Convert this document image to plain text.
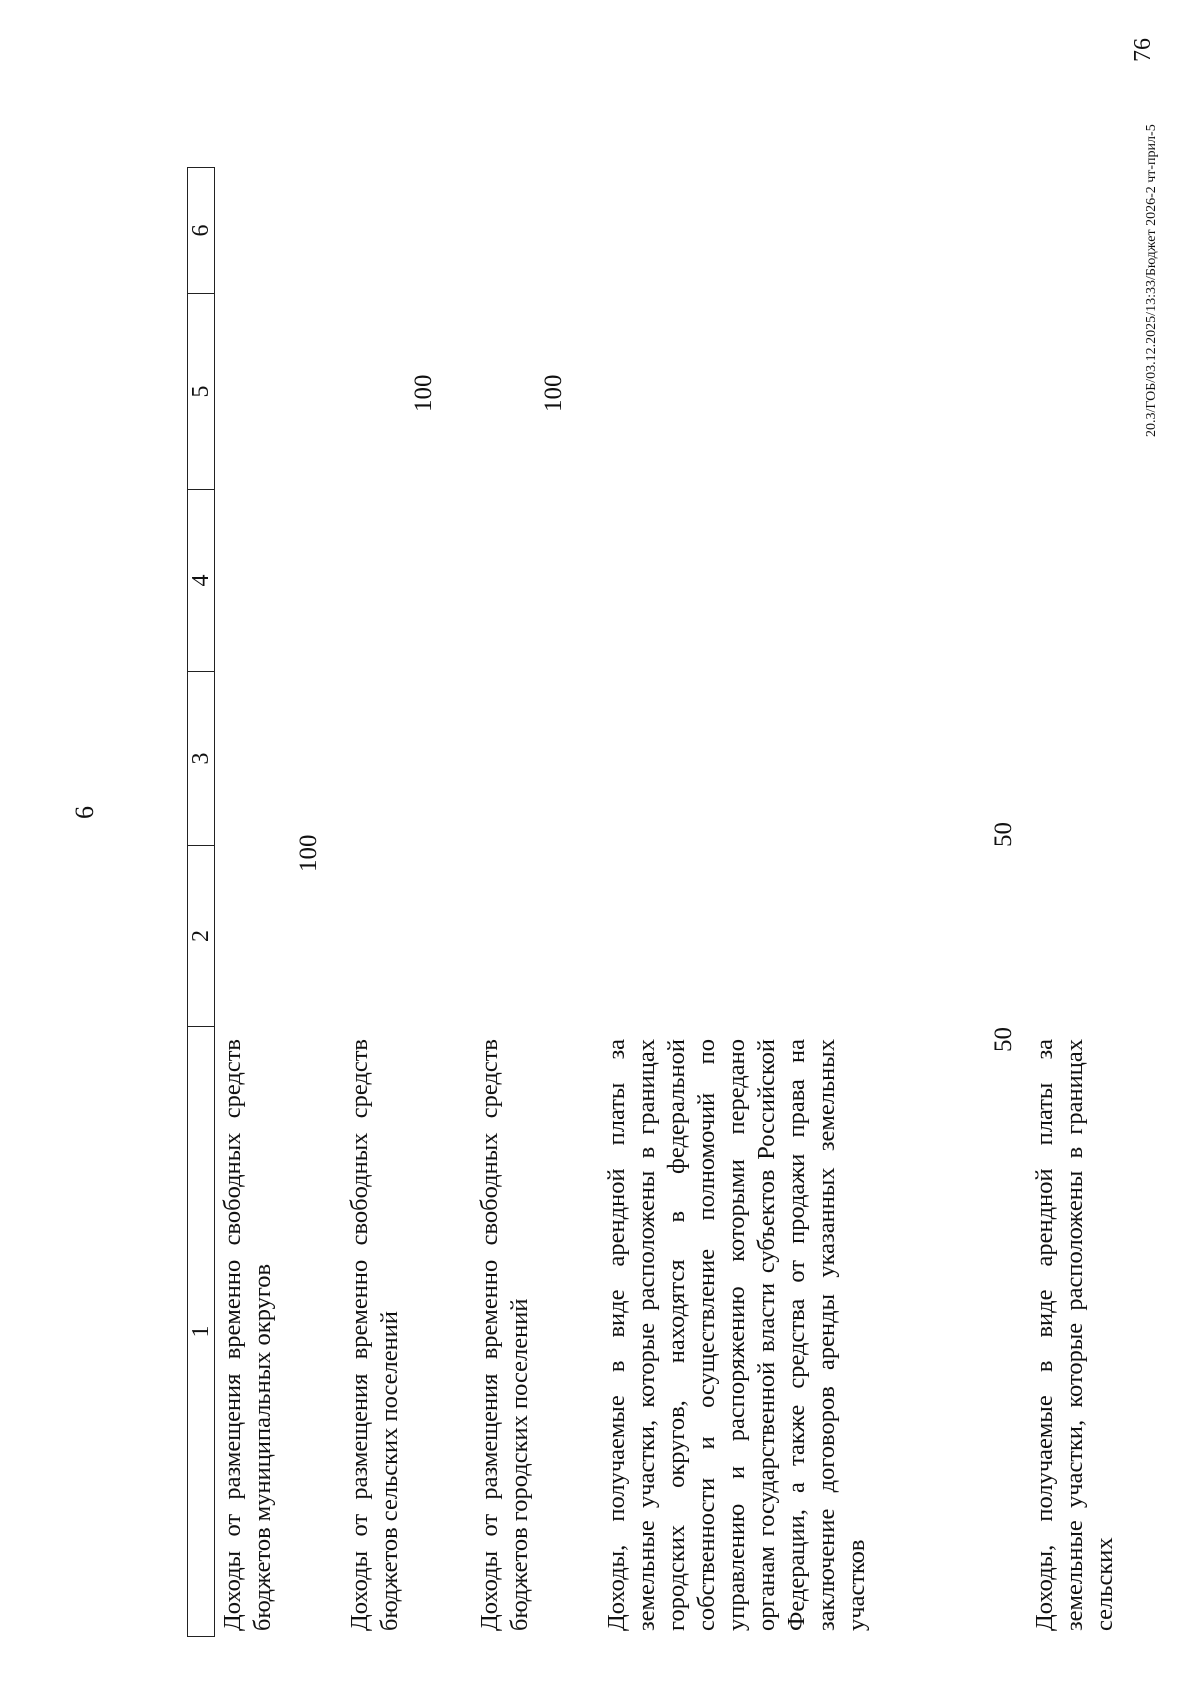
6
76
20.3/ГОБ/03.12.2025/13:33/Бюджет 2026-2 чт-прил-5
1
2
3
4
5
6
Доходы от размещения временно свободных средств бюджетов муниципальных округов
100
Доходы от размещения временно свободных средств бюджетов сельских поселений
100
Доходы от размещения временно свободных средств бюджетов городских поселений
100
Доходы, получаемые в виде арендной платы за земельные участки, которые расположены в границах городских округов, находятся в федеральной собственности и осуществление полномочий по управлению и распоряжению которыми передано органам государственной власти субъектов Российской Федерации, а также средства от продажи права на заключение договоров аренды указанных земельных участков
50
50
Доходы, получаемые в виде арендной платы за земельные участки, которые расположены в границах сельских
